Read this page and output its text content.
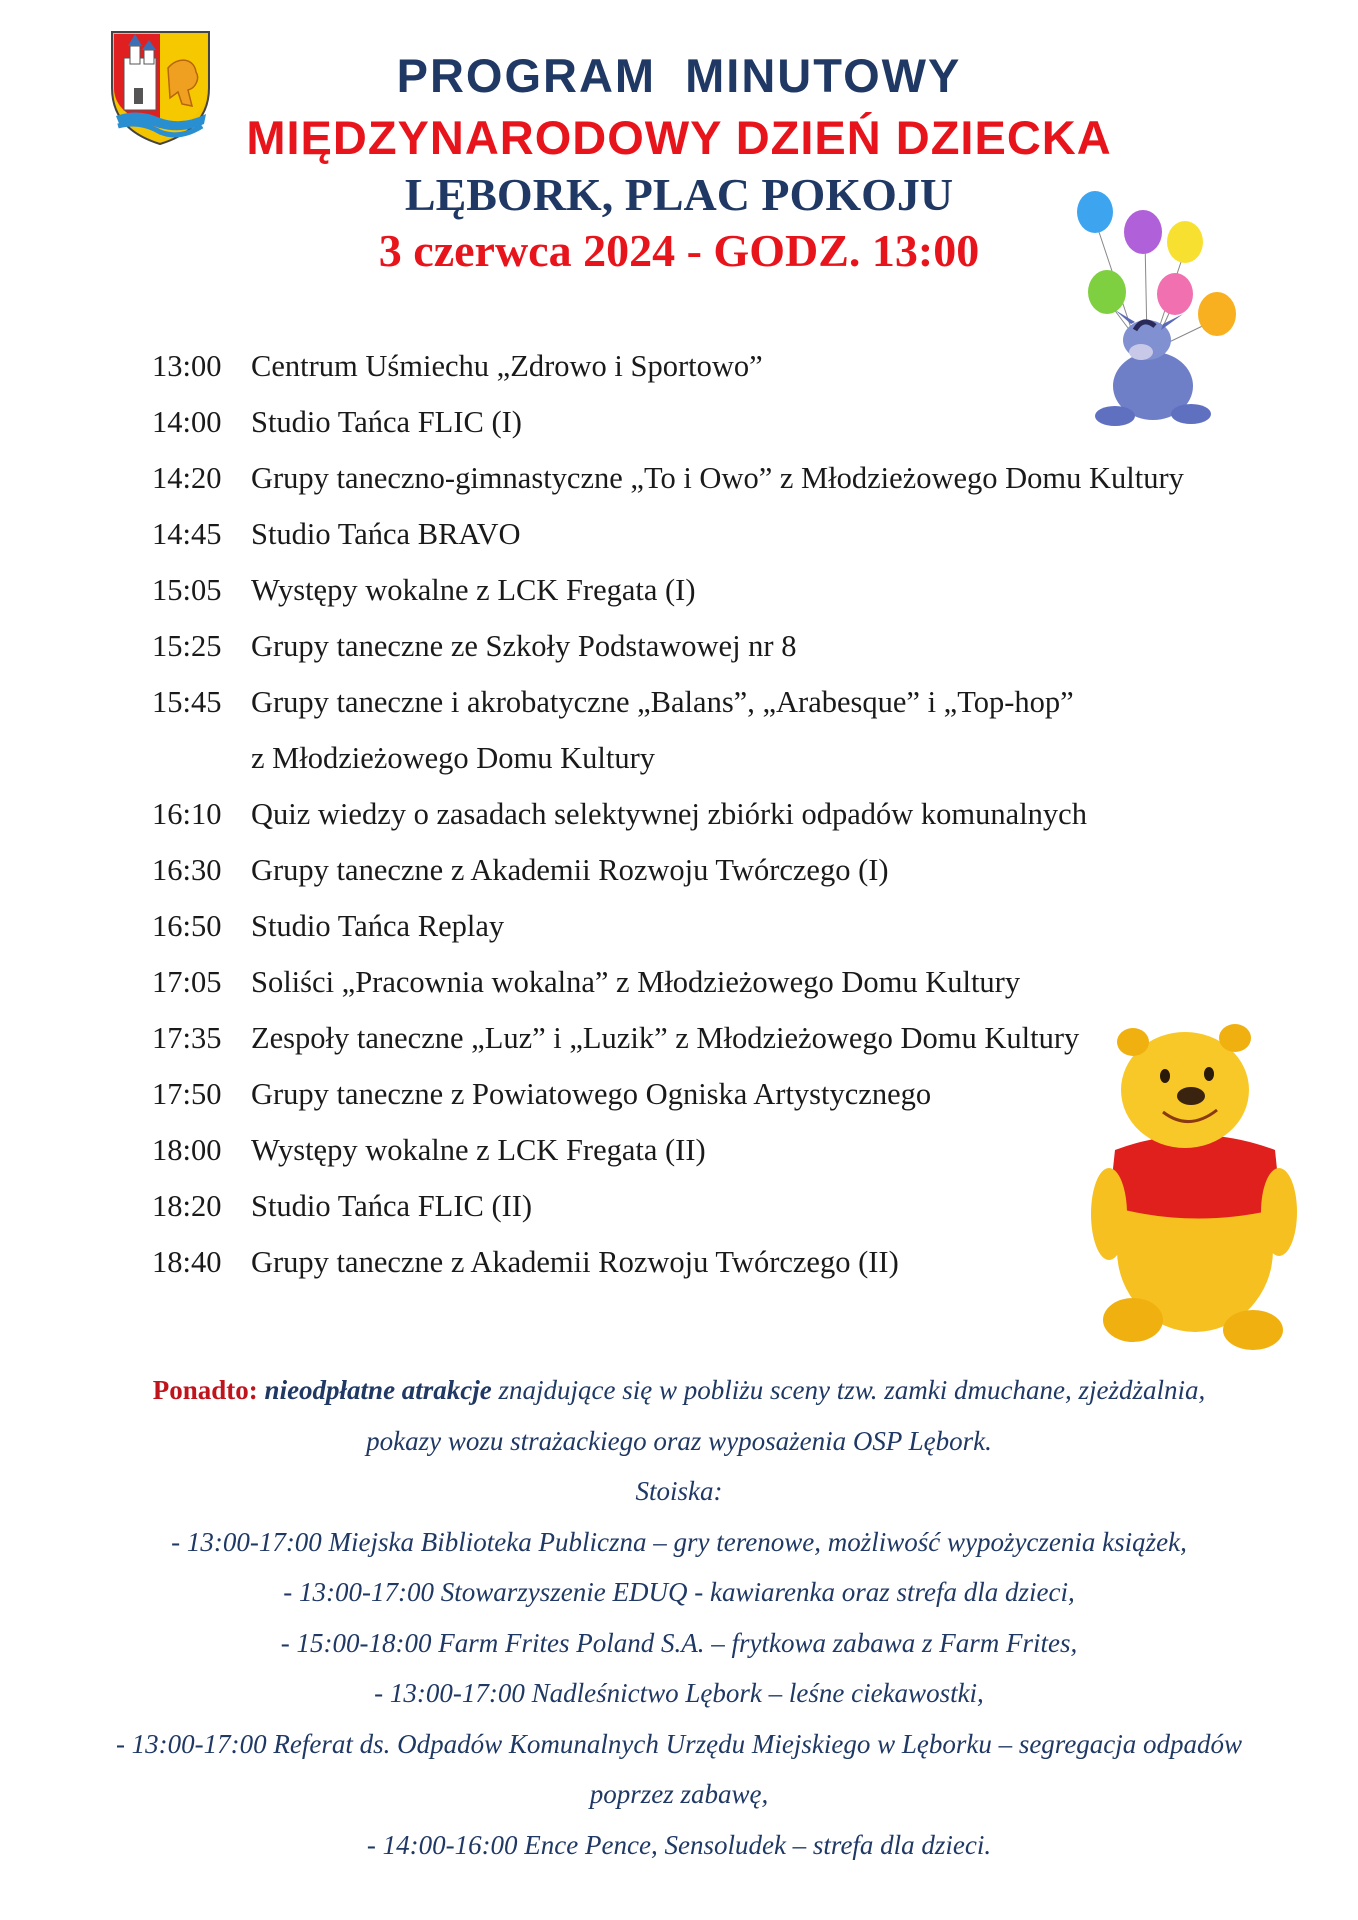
PROGRAM MINUTOWY
MIĘDZYNARODOWY DZIEŃ DZIECKA
LĘBORK, PLAC POKOJU
3 czerwca 2024 - GODZ. 13:00
13:00 Centrum Uśmiechu „Zdrowo i Sportowo”
14:00 Studio Tańca FLIC (I)
14:20 Grupy taneczno-gimnastyczne „To i Owo” z Młodzieżowego Domu Kultury
14:45 Studio Tańca BRAVO
15:05 Występy wokalne z LCK Fregata (I)
15:25 Grupy taneczne ze Szkoły Podstawowej nr 8
15:45 Grupy taneczne i akrobatyczne „Balans”, „Arabesque” i „Top-hop”
z Młodzieżowego Domu Kultury
16:10 Quiz wiedzy o zasadach selektywnej zbiórki odpadów komunalnych
16:30 Grupy taneczne z Akademii Rozwoju Twórczego (I)
16:50 Studio Tańca Replay
17:05 Soliści „Pracownia wokalna” z Młodzieżowego Domu Kultury
17:35 Zespoły taneczne „Luz” i „Luzik” z Młodzieżowego Domu Kultury
17:50 Grupy taneczne z Powiatowego Ogniska Artystycznego
18:00 Występy wokalne z LCK Fregata (II)
18:20 Studio Tańca FLIC (II)
18:40 Grupy taneczne z Akademii Rozwoju Twórczego (II)
Ponadto: nieodpłatne atrakcje znajdujące się w pobliżu sceny tzw. zamki dmuchane, zjeżdżalnia,
pokazy wozu strażackiego oraz wyposażenia OSP Lębork.
Stoiska:
- 13:00-17:00 Miejska Biblioteka Publiczna – gry terenowe, możliwość wypożyczenia książek,
- 13:00-17:00 Stowarzyszenie EDUQ - kawiarenka oraz strefa dla dzieci,
- 15:00-18:00 Farm Frites Poland S.A. – frytkowa zabawa z Farm Frites,
- 13:00-17:00 Nadleśnictwo Lębork – leśne ciekawostki,
- 13:00-17:00 Referat ds. Odpadów Komunalnych Urzędu Miejskiego w Lęborku – segregacja odpadów
poprzez zabawę,
- 14:00-16:00 Ence Pence, Sensoludek – strefa dla dzieci.
